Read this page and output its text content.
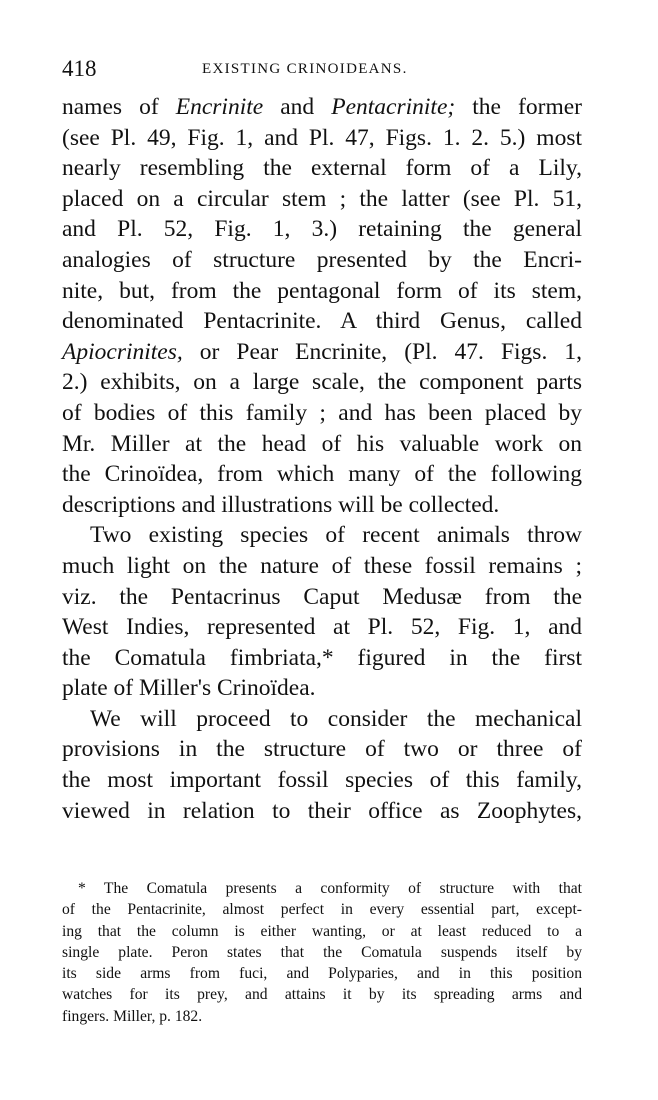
418	EXISTING CRINOIDEANS.
names of Encrinite and Pentacrinite; the former
(see Pl. 49, Fig. 1, and Pl. 47, Figs. 1. 2. 5.) most
nearly resembling the external form of a Lily,
placed on a circular stem ; the latter (see Pl. 51,
and Pl. 52, Fig. 1, 3.) retaining the general
analogies of structure presented by the Encri-
nite, but, from the pentagonal form of its stem,
denominated Pentacrinite. A third Genus, called
Apiocrinites, or Pear Encrinite, (Pl. 47. Figs. 1,
2.) exhibits, on a large scale, the component parts
of bodies of this family ; and has been placed by
Mr. Miller at the head of his valuable work on
the Crinoïdea, from which many of the following
descriptions and illustrations will be collected.
Two existing species of recent animals throw
much light on the nature of these fossil remains ;
viz. the Pentacrinus Caput Medusæ from the
West Indies, represented at Pl. 52, Fig. 1, and
the Comatula fimbriata,* figured in the first
plate of Miller's Crinoïdea.
We will proceed to consider the mechanical
provisions in the structure of two or three of
the most important fossil species of this family,
viewed in relation to their office as Zoophytes,
* The Comatula presents a conformity of structure with that
of the Pentacrinite, almost perfect in every essential part, except-
ing that the column is either wanting, or at least reduced to a
single plate. Peron states that the Comatula suspends itself by
its side arms from fuci, and Polyparies, and in this position
watches for its prey, and attains it by its spreading arms and
fingers. Miller, p. 182.
